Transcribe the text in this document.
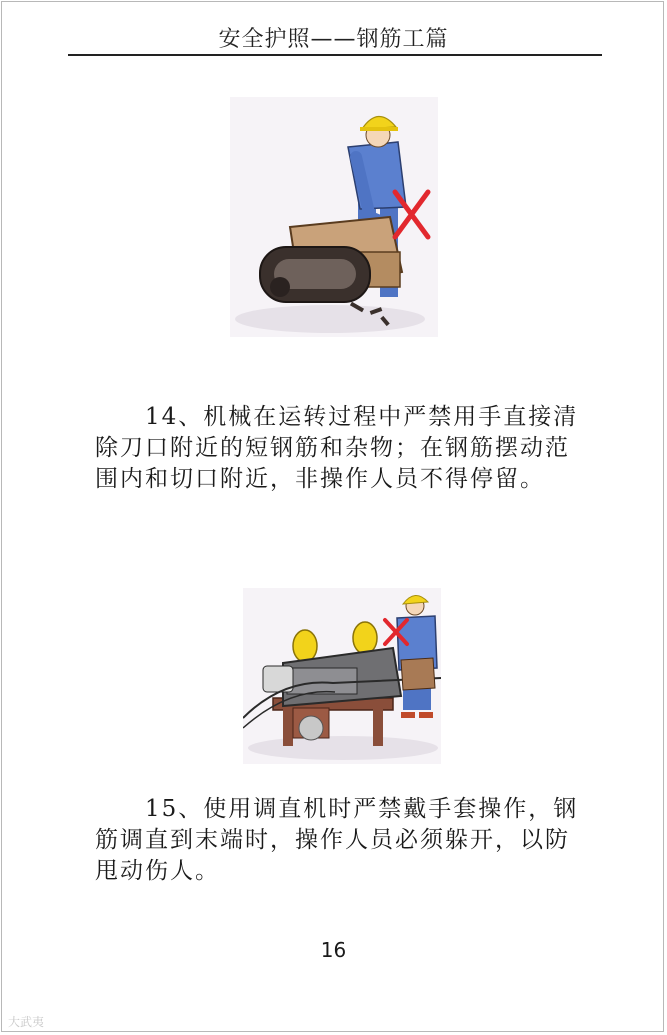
安全护照——钢筋工篇
14、机械在运转过程中严禁用手直接清除刀口附近的短钢筋和杂物；在钢筋摆动范围内和切口附近，非操作人员不得停留。
15、使用调直机时严禁戴手套操作，钢筋调直到末端时，操作人员必须躲开，以防甩动伤人。
16
大武夷
